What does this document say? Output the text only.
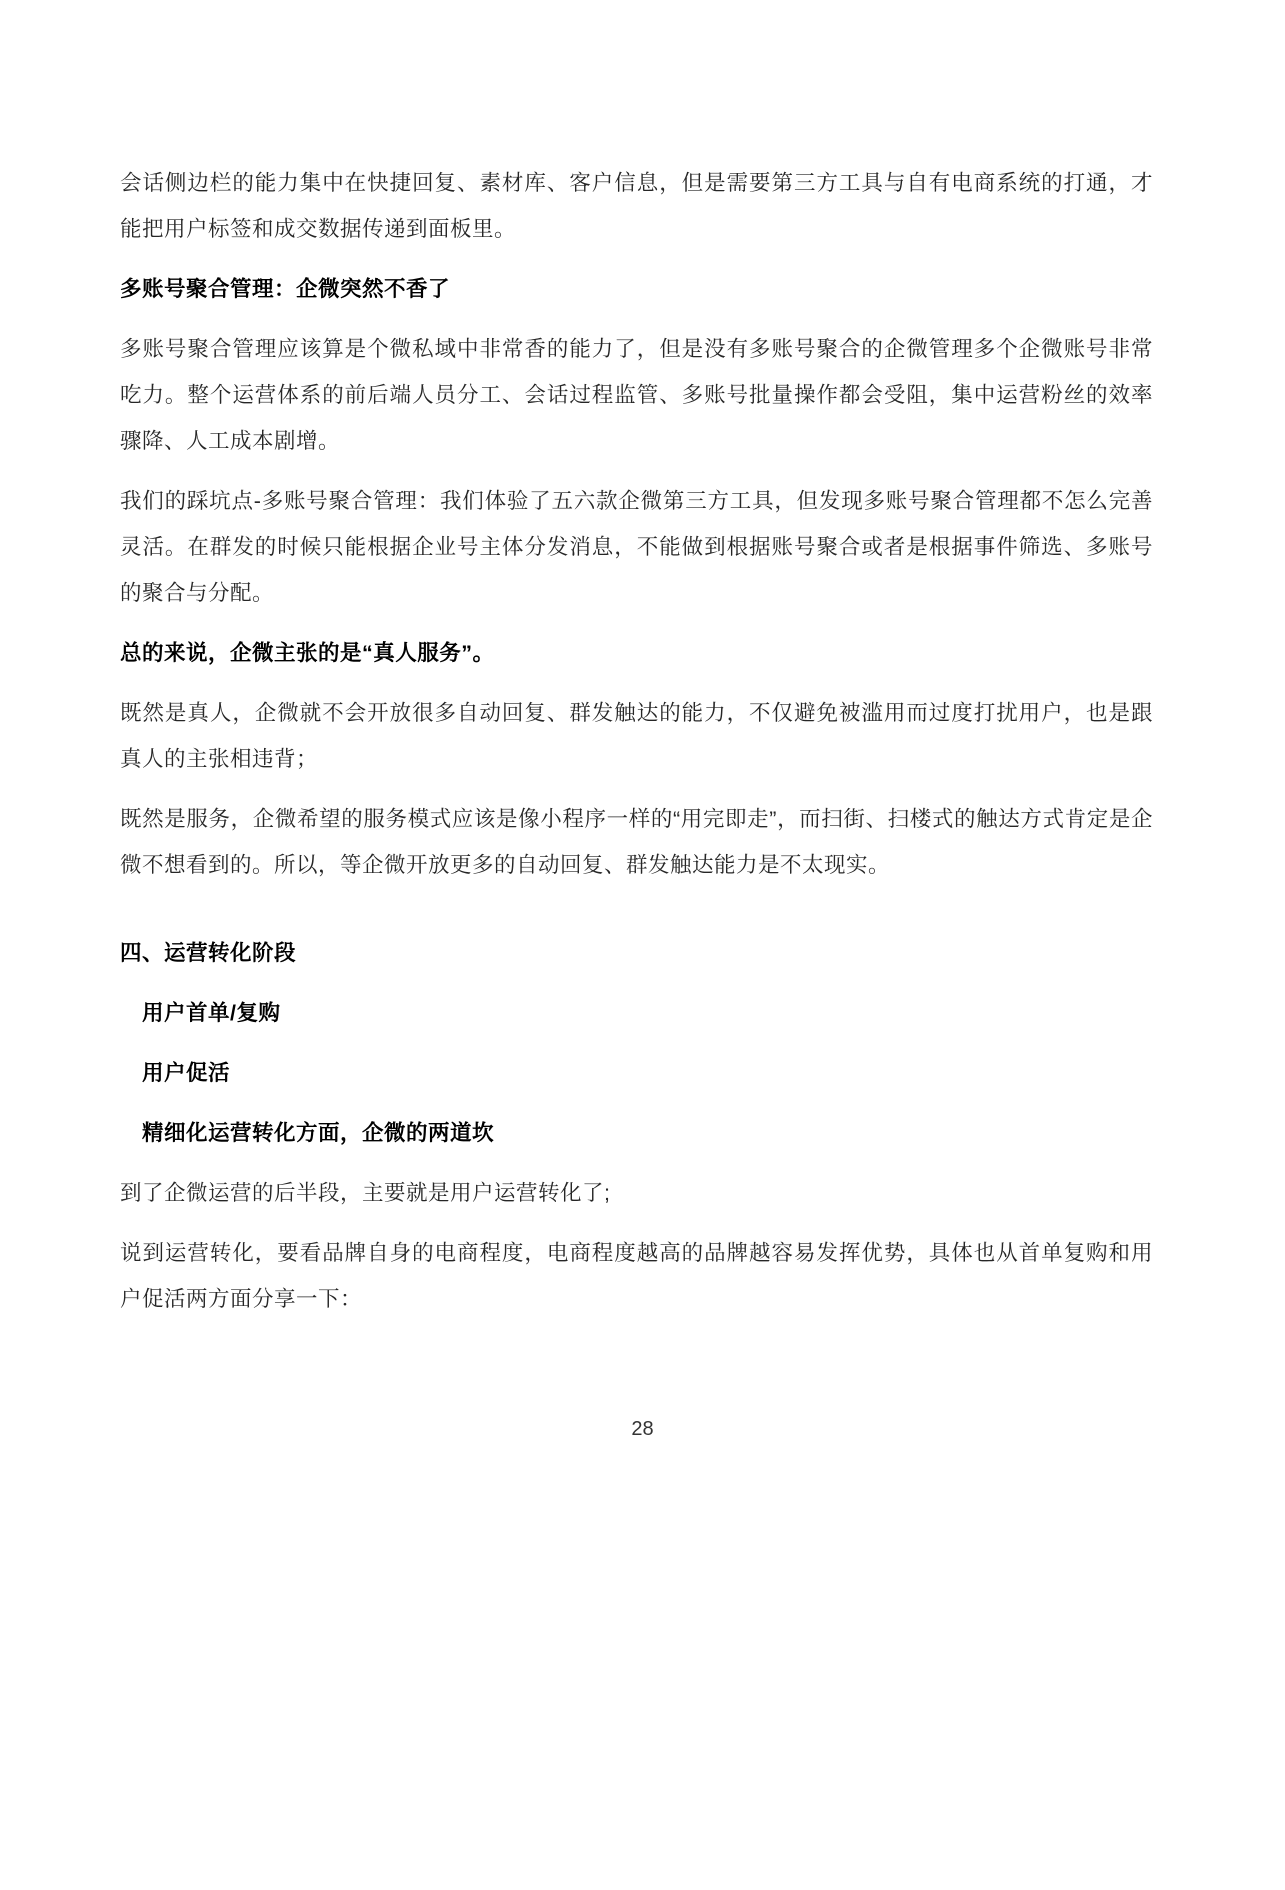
会话侧边栏的能力集中在快捷回复、素材库、客户信息，但是需要第三方工具与自有电商系统的打通，才能把用户标签和成交数据传递到面板里。

多账号聚合管理：企微突然不香了

多账号聚合管理应该算是个微私域中非常香的能力了，但是没有多账号聚合的企微管理多个企微账号非常吃力。整个运营体系的前后端人员分工、会话过程监管、多账号批量操作都会受阻，集中运营粉丝的效率骤降、人工成本剧增。

我们的踩坑点-多账号聚合管理：我们体验了五六款企微第三方工具，但发现多账号聚合管理都不怎么完善灵活。在群发的时候只能根据企业号主体分发消息，不能做到根据账号聚合或者是根据事件筛选、多账号的聚合与分配。

总的来说，企微主张的是“真人服务”。

既然是真人，企微就不会开放很多自动回复、群发触达的能力，不仅避免被滥用而过度打扰用户，也是跟真人的主张相违背；

既然是服务，企微希望的服务模式应该是像小程序一样的“用完即走”，而扫街、扫楼式的触达方式肯定是企微不想看到的。所以，等企微开放更多的自动回复、群发触达能力是不太现实。

四、运营转化阶段
用户首单/复购
用户促活
精细化运营转化方面，企微的两道坎

到了企微运营的后半段，主要就是用户运营转化了;

说到运营转化，要看品牌自身的电商程度，电商程度越高的品牌越容易发挥优势，具体也从首单复购和用户促活两方面分享一下：

28
